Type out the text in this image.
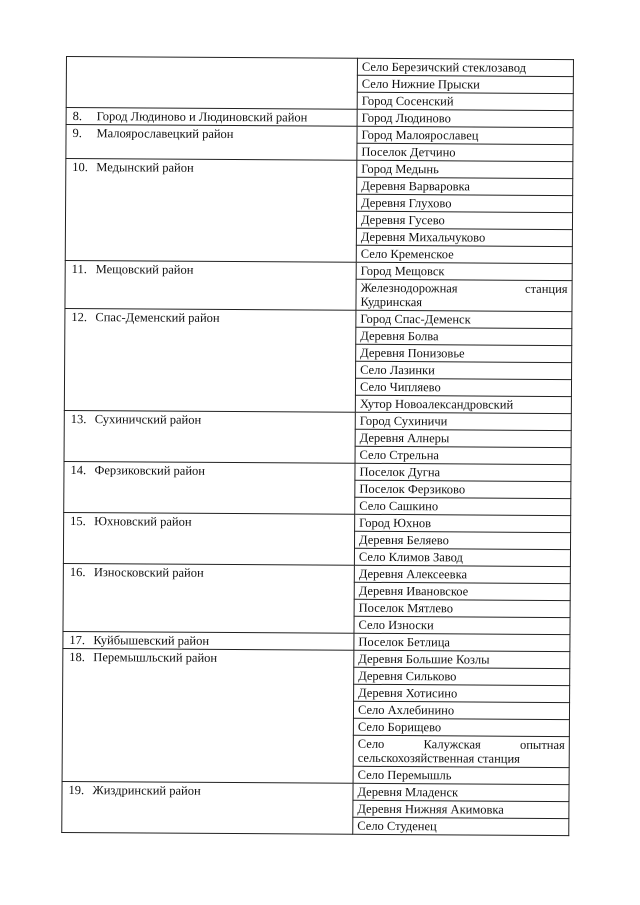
	Село Березичский стеклозавод
	Село Нижние Прыски
	Город Сосенский
8. Город Людиново и Людиновский район	Город Людиново
9. Малоярославецкий район	Город Малоярославец
	Поселок Детчино
10. Медынский район	Город Медынь
	Деревня Варваровка
	Деревня Глухово
	Деревня Гусево
	Деревня Михальчуково
	Село Кременское
11. Мещовский район	Город Мещовск
	Железнодорожная станция
Кудринская

12. Спас-Деменский район	Город Спас-Деменск
	Деревня Болва
	Деревня Понизовье
	Село Лазинки
	Село Чипляево
	Хутор Новоалександровский
13. Сухиничский район	Город Сухиничи
	Деревня Алнеры
	Село Стрельна
14. Ферзиковский район	Поселок Дугна
	Поселок Ферзиково
	Село Сашкино
15. Юхновский район	Город Юхнов
	Деревня Беляево
	Село Климов Завод
16. Износковский район	Деревня Алексеевка
	Деревня Ивановское
	Поселок Мятлево
	Село Износки
17. Куйбышевский район	Поселок Бетлица
18. Перемышльский район	Деревня Большие Козлы
	Деревня Сильково
	Деревня Хотисино
	Село Ахлебинино
	Село Борищево
	Село Калужская опытная
сельскохозяйственная станция

	Село Перемышль
19. Жиздринский район	Деревня Младенск
	Деревня Нижняя Акимовка
	Село Студенец
